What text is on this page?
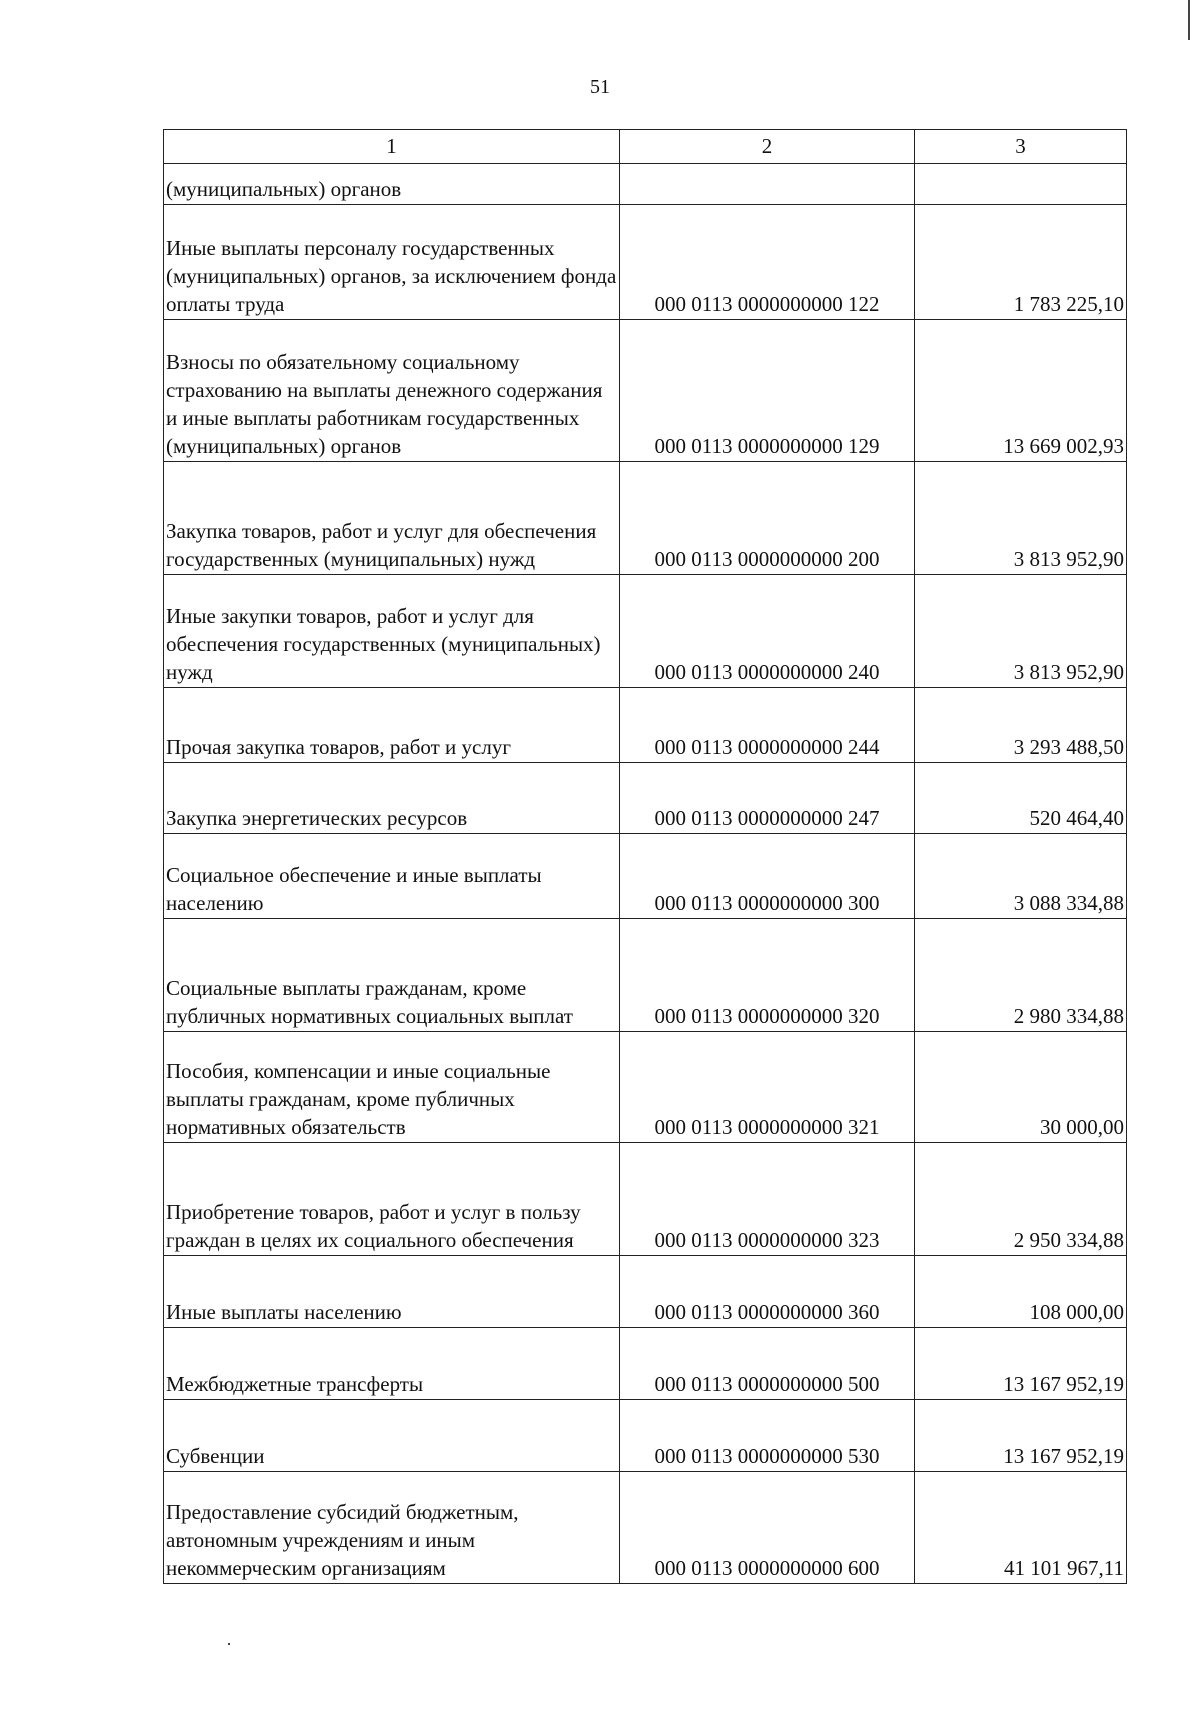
51
1	2	3
(муниципальных) органов		
Иные выплаты персоналу государственных (муниципальных) органов, за исключением фонда оплаты труда	000 0113 0000000000 122	1 783 225,10
Взносы по обязательному социальному страхованию на выплаты денежного содержания и иные выплаты работникам государственных (муниципальных) органов	000 0113 0000000000 129	13 669 002,93
Закупка товаров, работ и услуг для обеспечения государственных (муниципальных) нужд	000 0113 0000000000 200	3 813 952,90
Иные закупки товаров, работ и услуг для обеспечения государственных (муниципальных) нужд	000 0113 0000000000 240	3 813 952,90
Прочая закупка товаров, работ и услуг	000 0113 0000000000 244	3 293 488,50
Закупка энергетических ресурсов	000 0113 0000000000 247	520 464,40
Социальное обеспечение и иные выплаты населению	000 0113 0000000000 300	3 088 334,88
Социальные выплаты гражданам, кроме публичных нормативных социальных выплат	000 0113 0000000000 320	2 980 334,88
Пособия, компенсации и иные социальные выплаты гражданам, кроме публичных нормативных обязательств	000 0113 0000000000 321	30 000,00
Приобретение товаров, работ и услуг в пользу граждан в целях их социального обеспечения	000 0113 0000000000 323	2 950 334,88
Иные выплаты населению	000 0113 0000000000 360	108 000,00
Межбюджетные трансферты	000 0113 0000000000 500	13 167 952,19
Субвенции	000 0113 0000000000 530	13 167 952,19
Предоставление субсидий бюджетным, автономным учреждениям и иным некоммерческим организациям	000 0113 0000000000 600	41 101 967,11
